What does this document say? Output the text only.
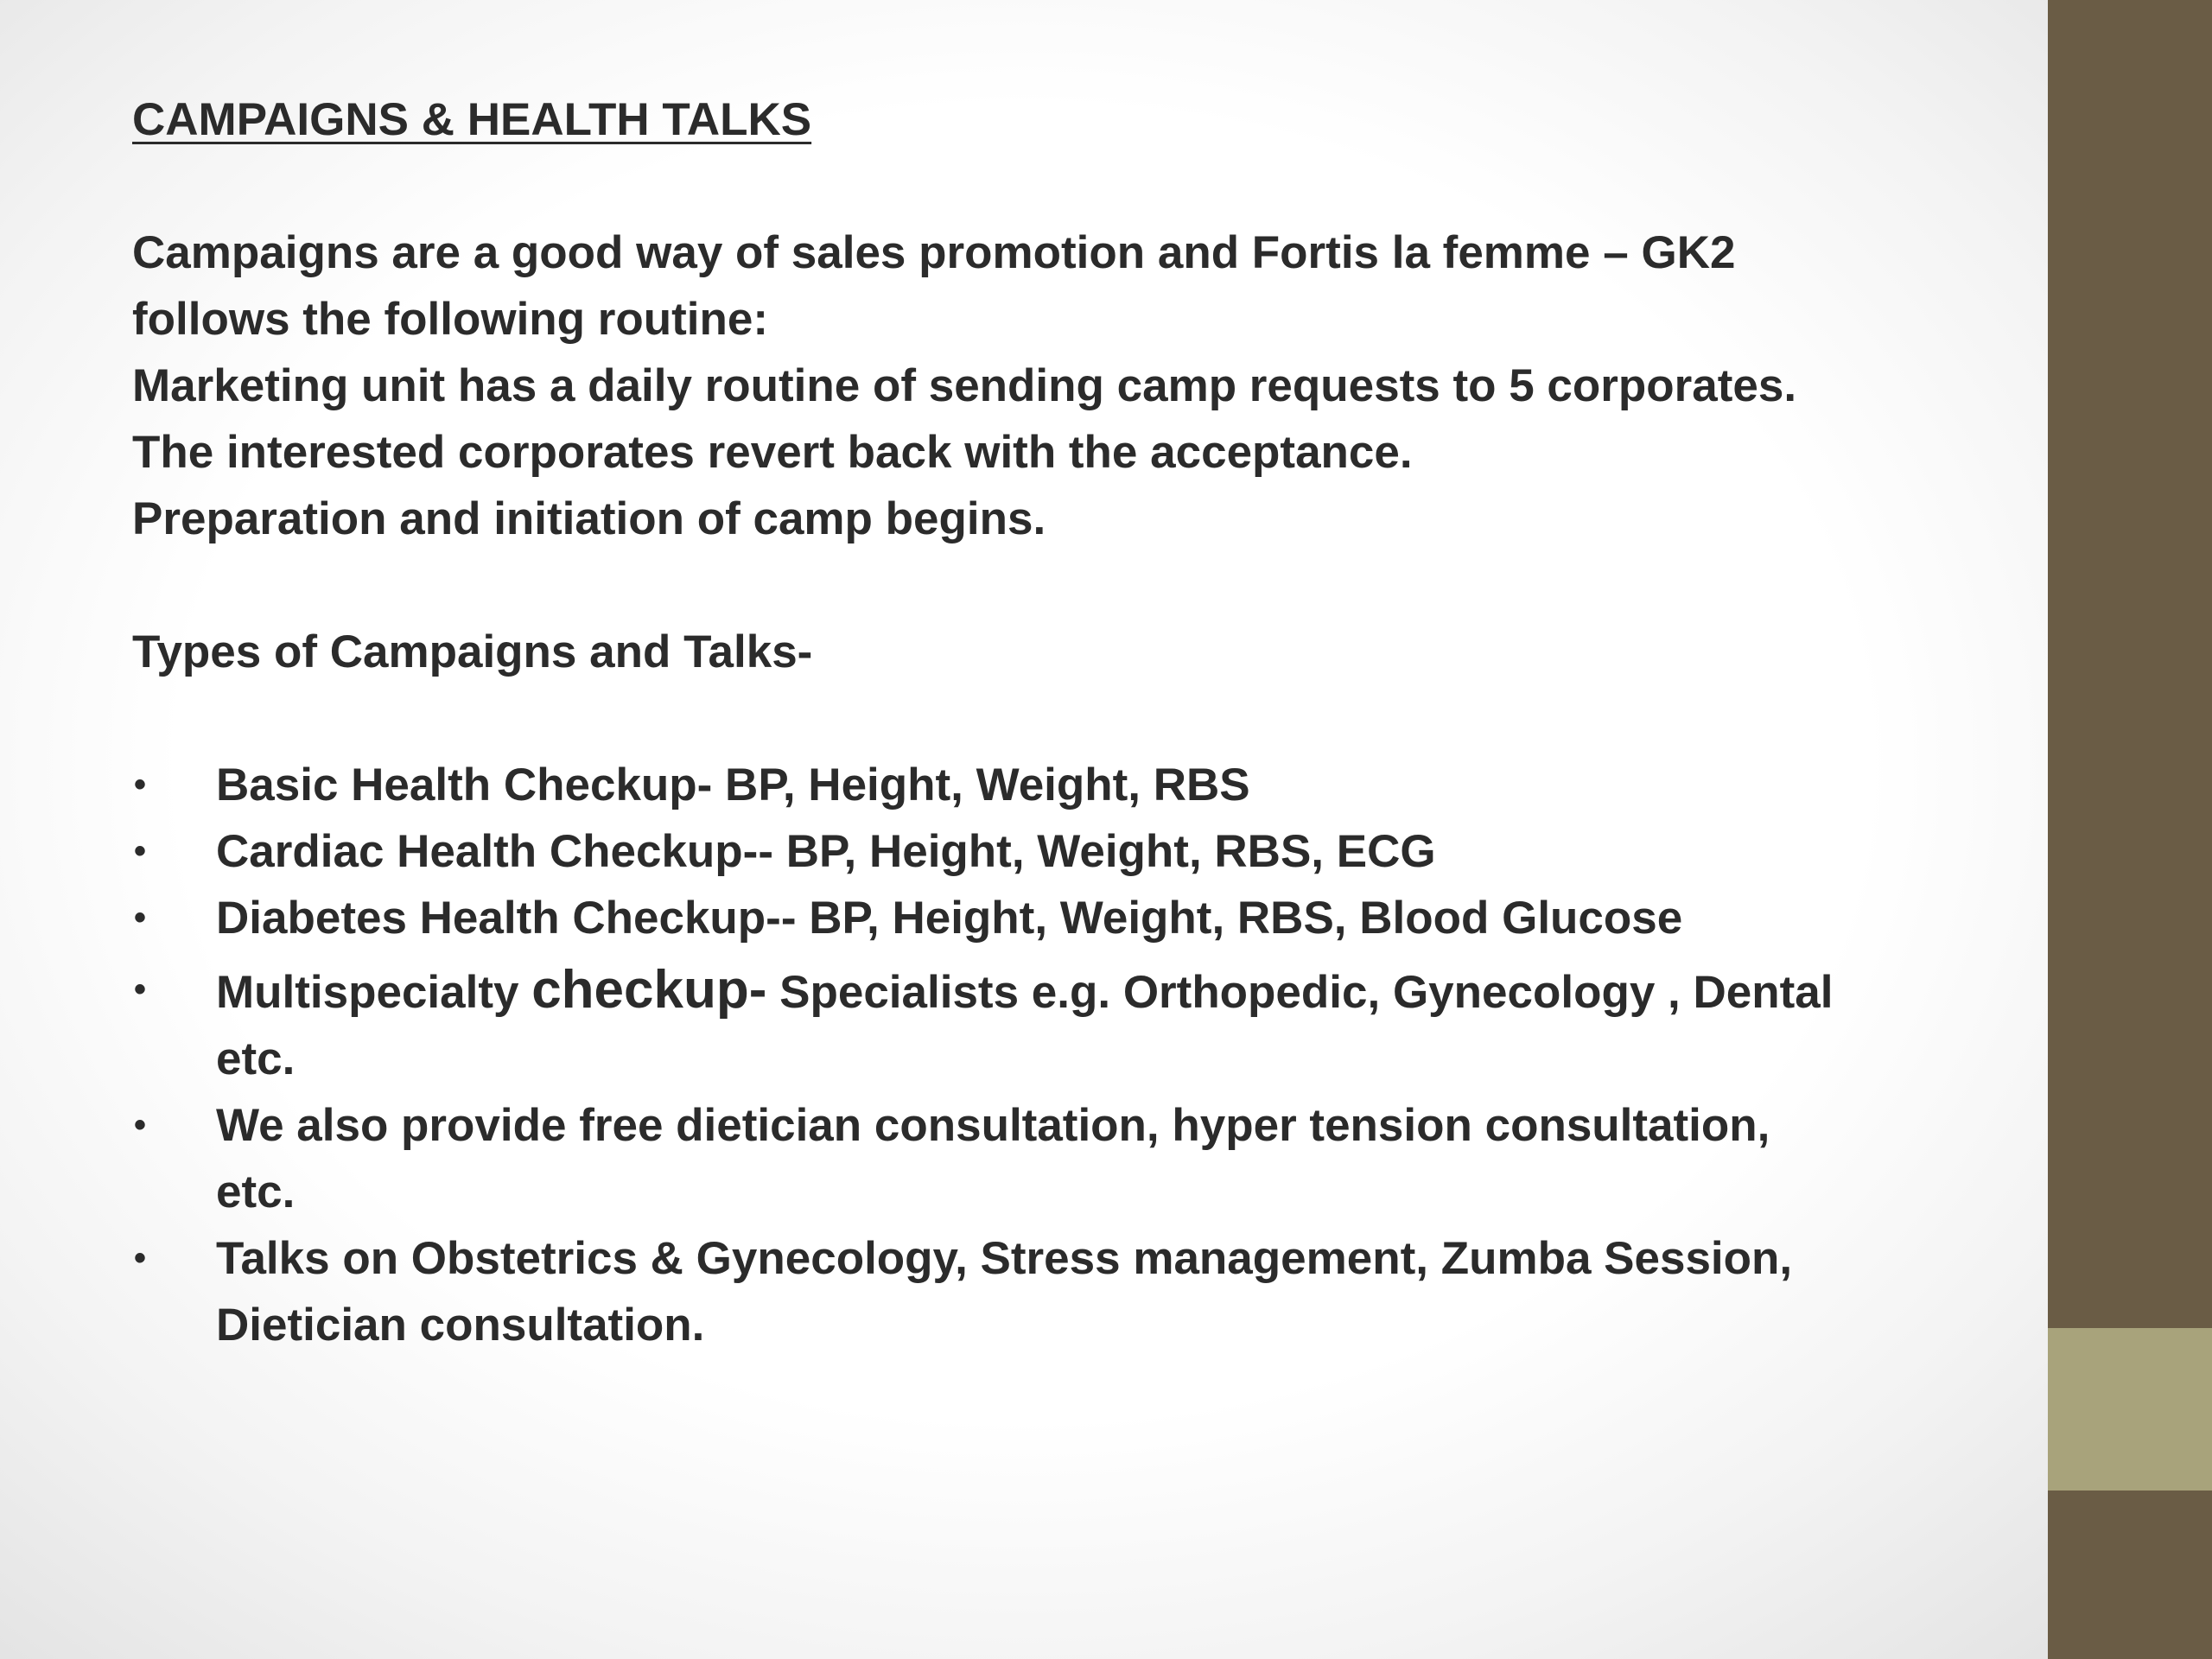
CAMPAIGNS & HEALTH TALKS

Campaigns are a good way of sales promotion and Fortis la femme – GK2

follows the following routine:

Marketing unit has a daily routine of sending camp requests to 5 corporates.

The interested corporates revert back with the acceptance.

Preparation and initiation of camp begins.

Types of Campaigns and Talks-

• Basic Health Checkup- BP, Height, Weight, RBS
• Cardiac Health Checkup-- BP, Height, Weight, RBS, ECG
• Diabetes Health Checkup-- BP, Height, Weight, RBS, Blood Glucose
• Multispecialty checkup- Specialists e.g. Orthopedic, Gynecology , Dental
etc.
• We also provide free dietician consultation, hyper tension consultation,
etc.
• Talks on Obstetrics & Gynecology, Stress management, Zumba Session,
Dietician consultation.
